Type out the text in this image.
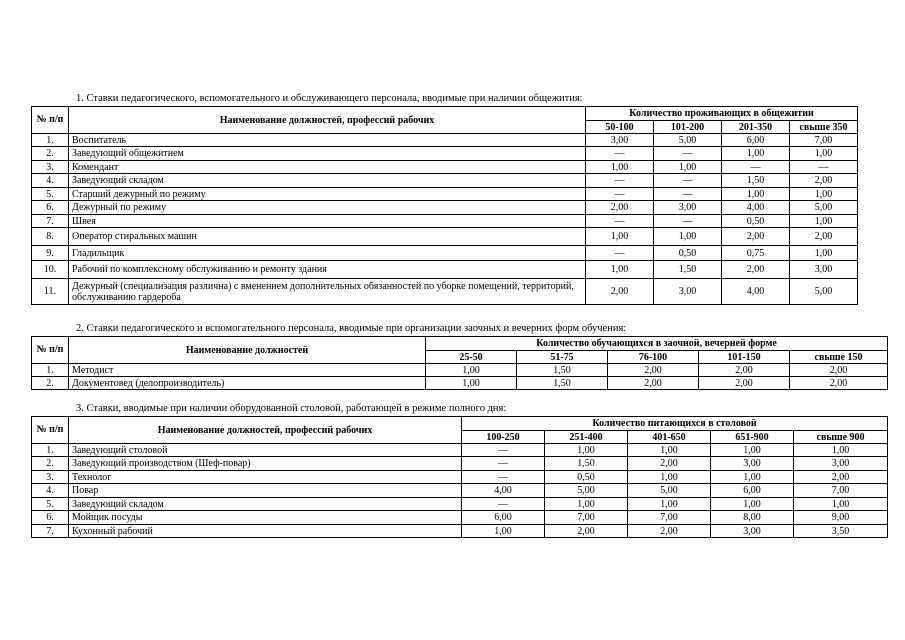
1. Ставки педагогического, вспомогательного и обслуживающего персонала, вводимые при наличии общежития:
№ п/п	Наименование должностей, профессий рабочих	Количество проживающих в общежитии			
		50-100	101-200	201-350	свыше 350
1.	Воспитатель	3,00	5,00	6,00	7,00
2.	Заведующий общежитием	—	—	1,00	1,00
3.	Комендант	1,00	1,00	—	—
4.	Заведующий складом	—	—	1,50	2,00
5.	Старший дежурный по режиму	—	—	1,00	1,00
6.	Дежурный по режиму	2,00	3,00	4,00	5,00
7.	Швея	—	—	0,50	1,00
8.	Оператор стиральных машин	1,00	1,00	2,00	2,00
9.	Гладильщик	—	0,50	0,75	1,00
10.	Рабочий по комплексному обслуживанию и ремонту здания	1,00	1,50	2,00	3,00
11.	Дежурный (специализация различна) с вменением дополнительных обязанностей по уборке помещений, территорий, обслуживанию гардероба	2,00	3,00	4,00	5,00
2. Ставки педагогического и вспомогательного персонала, вводимые при организации заочных и вечерних форм обучения:
№ п/п	Наименование должностей	Количество обучающихся в заочной, вечерней форме				
		25-50	51-75	76-100	101-150	свыше 150
1.	Методист	1,00	1,50	2,00	2,00	2,00
2.	Документовед (делопроизводитель)	1,00	1,50	2,00	2,00	2,00
3. Ставки, вводимые при наличии оборудованной столовой, работающей в режиме полного дня:
№ п/п	Наименование должностей, профессий рабочих	Количество питающихся в столовой				
		100-250	251-400	401-650	651-900	свыше 900
1.	Заведующий столовой	—	1,00	1,00	1,00	1,00
2.	Заведующий производством (Шеф-повар)	—	1,50	2,00	3,00	3,00
3.	Технолог	—	0,50	1,00	1,00	2,00
4.	Повар	4,00	5,00	5,00	6,00	7,00
5.	Заведующий складом	—	1,00	1,00	1,00	1,00
6.	Мойщик посуды	6,00	7,00	7,00	8,00	9,00
7.	Кухонный рабочий	1,00	2,00	2,00	3,00	3,50
